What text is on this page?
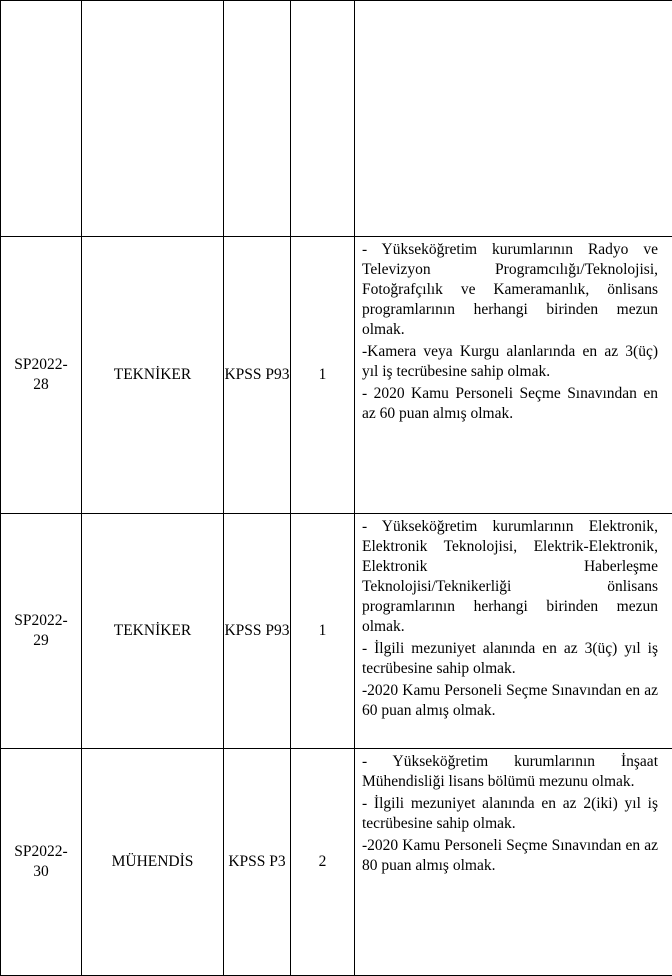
SP2022-28	TEKNİKER	KPSS P93	1	- Yükseköğretim kurumlarının Radyo ve Televizyon Programcılığı/Teknolojisi, Fotoğrafçılık ve Kameramanlık, önlisans programlarının herhangi birinden mezun olmak.

-Kamera veya Kurgu alanlarında en az 3(üç) yıl iş tecrübesine sahip olmak.

- 2020 Kamu Personeli Seçme Sınavından en az 60 puan almış olmak.

SP2022-29	TEKNİKER	KPSS P93	1	- Yükseköğretim kurumlarının Elektronik, Elektronik Teknolojisi, Elektrik-Elektronik, Elektronik Haberleşme Teknolojisi/Teknikerliği önlisans programlarının herhangi birinden mezun olmak.

- İlgili mezuniyet alanında en az 3(üç) yıl iş tecrübesine sahip olmak.

-2020 Kamu Personeli Seçme Sınavından en az 60 puan almış olmak.

SP2022-30	MÜHENDİS	KPSS P3	2	- Yükseköğretim kurumlarının İnşaat Mühendisliği lisans bölümü mezunu olmak.

- İlgili mezuniyet alanında en az 2(iki) yıl iş tecrübesine sahip olmak.

-2020 Kamu Personeli Seçme Sınavından en az 80 puan almış olmak.
